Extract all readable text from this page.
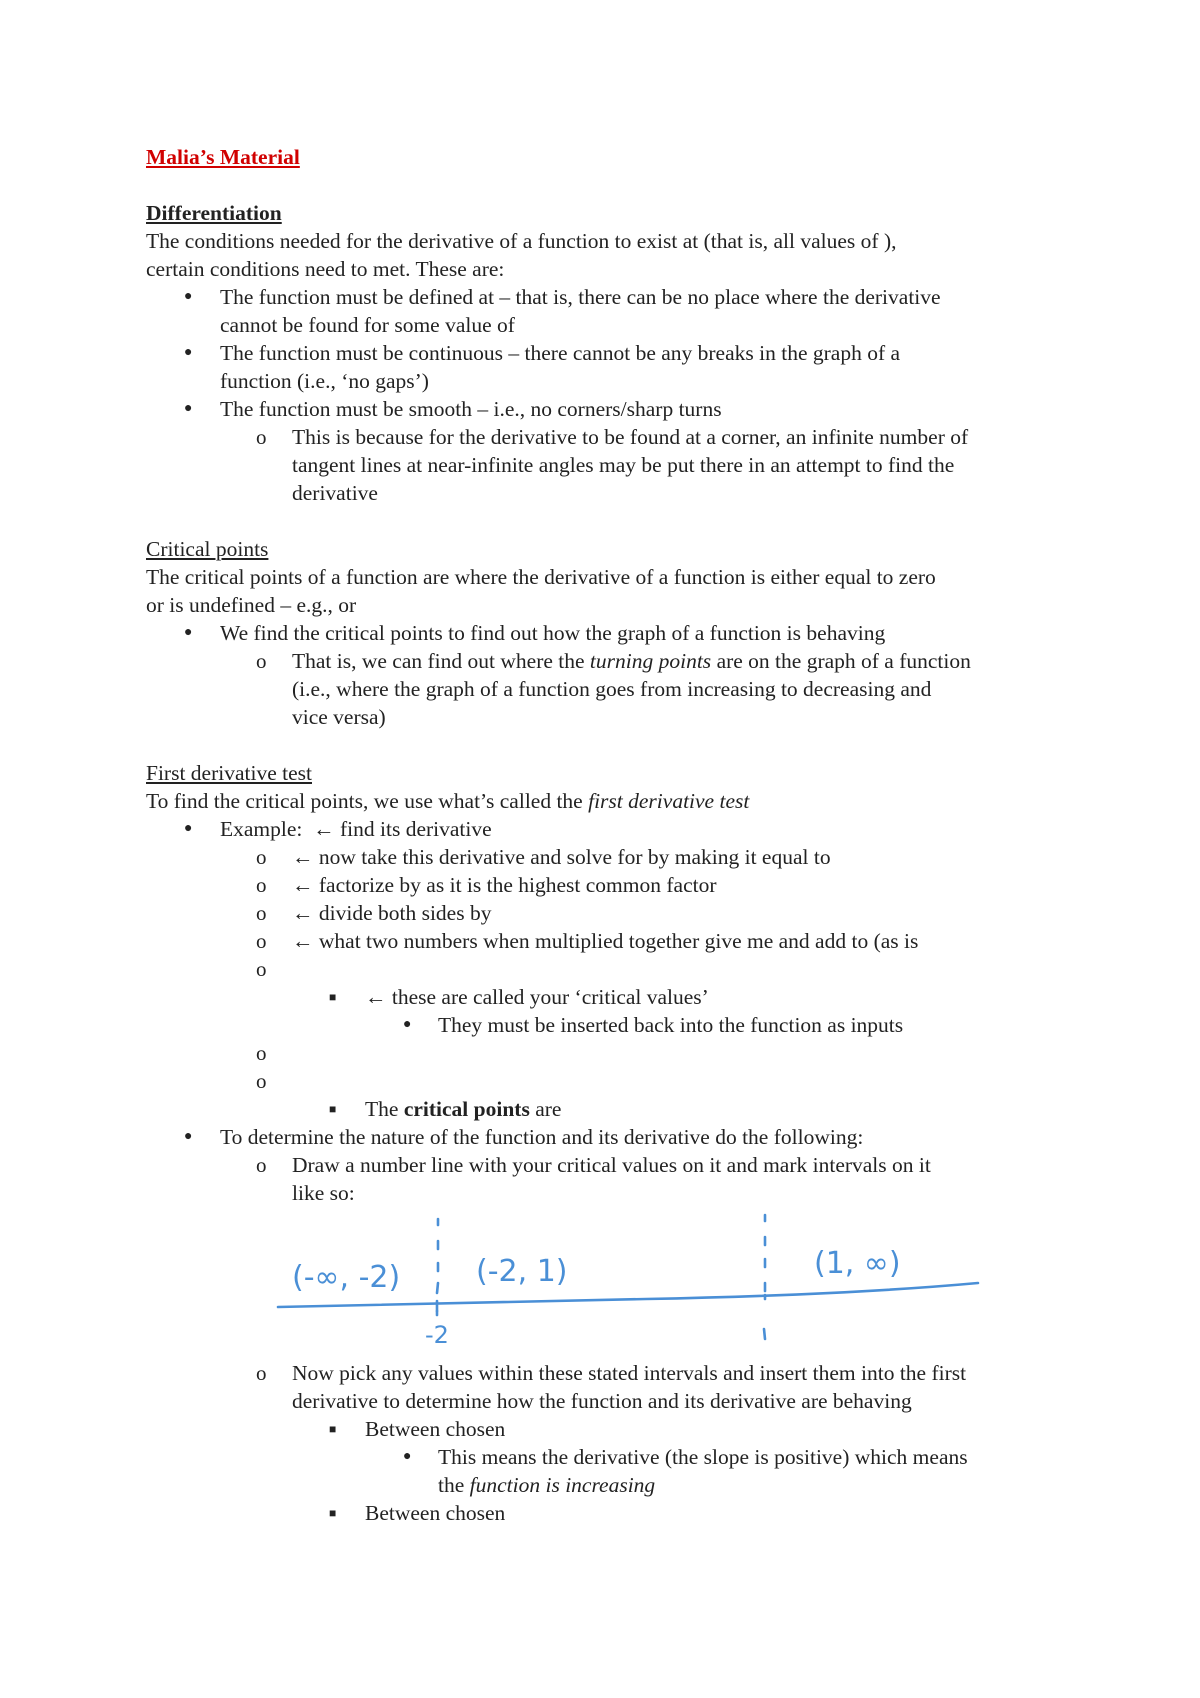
Malia’s Material
Differentiation
The conditions needed for the derivative of a function to exist at (that is, all values of ),
certain conditions need to met. These are:
● The function must be defined at – that is, there can be no place where the derivative
cannot be found for some value of
● The function must be continuous – there cannot be any breaks in the graph of a
function (i.e., ‘no gaps’)
● The function must be smooth – i.e., no corners/sharp turns
o This is because for the derivative to be found at a corner, an infinite number of
tangent lines at near-infinite angles may be put there in an attempt to find the
derivative
Critical points
The critical points of a function are where the derivative of a function is either equal to zero
or is undefined – e.g., or
● We find the critical points to find out how the graph of a function is behaving
o That is, we can find out where the turning points are on the graph of a function
(i.e., where the graph of a function goes from increasing to decreasing and
vice versa)
First derivative test
To find the critical points, we use what’s called the first derivative test
● Example: ← find its derivative
o ← now take this derivative and solve for by making it equal to
o ← factorize by as it is the highest common factor
o ← divide both sides by
o ← what two numbers when multiplied together give me and add to (as is
o

■ ← these are called your ‘critical values’
● They must be inserted back into the function as inputs
o

o

■ The critical points are
● To determine the nature of the function and its derivative do the following:
o Draw a number line with your critical values on it and mark intervals on it
like so:
(-∞, -2)	(-2, 1)	(1, ∞)
-2
o Now pick any values within these stated intervals and insert them into the first
derivative to determine how the function and its derivative are behaving
■ Between chosen
● This means the derivative (the slope is positive) which means
the function is increasing
■ Between chosen
